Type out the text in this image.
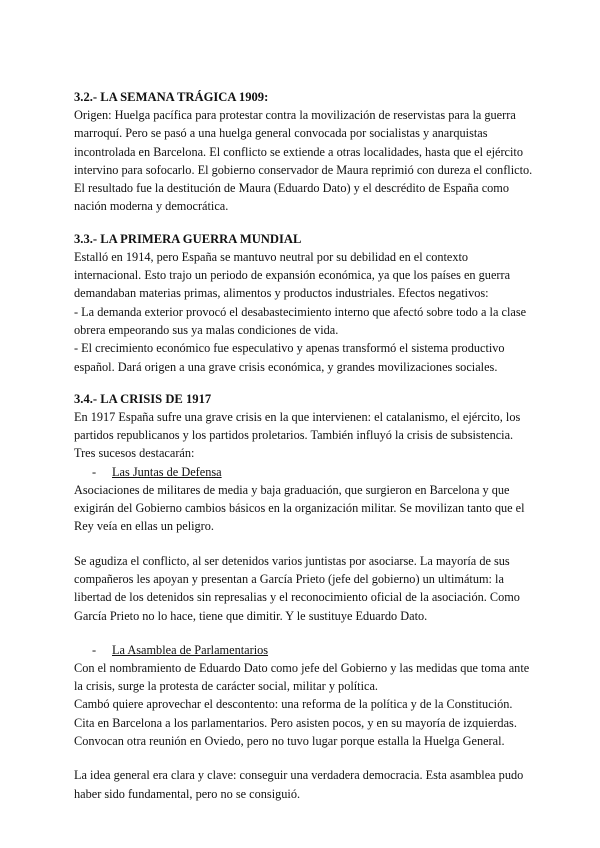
3.2.- LA SEMANA TRÁGICA 1909:

Origen: Huelga pacífica para protestar contra la movilización de reservistas para la guerra marroquí. Pero se pasó a una huelga general convocada por socialistas y anarquistas incontrolada en Barcelona. El conflicto se extiende a otras localidades, hasta que el ejército intervino para sofocarlo. El gobierno conservador de Maura reprimió con dureza el conflicto. El resultado fue la destitución de Maura (Eduardo Dato) y el descrédito de España como nación moderna y democrática.

3.3.- LA PRIMERA GUERRA MUNDIAL

Estalló en 1914, pero España se mantuvo neutral por su debilidad en el contexto internacional. Esto trajo un periodo de expansión económica, ya que los países en guerra demandaban materias primas, alimentos y productos industriales. Efectos negativos:

- La demanda exterior provocó el desabastecimiento interno que afectó sobre todo a la clase obrera empeorando sus ya malas condiciones de vida.

- El crecimiento económico fue especulativo y apenas transformó el sistema productivo español. Dará origen a una grave crisis económica, y grandes movilizaciones sociales.

3.4.- LA CRISIS DE 1917

En 1917 España sufre una grave crisis en la que intervienen: el catalanismo, el ejército, los partidos republicanos y los partidos proletarios. También influyó la crisis de subsistencia. Tres sucesos destacarán:

- Las Juntas de Defensa

Asociaciones de militares de media y baja graduación, que surgieron en Barcelona y que exigirán del Gobierno cambios básicos en la organización militar. Se movilizan tanto que el Rey veía en ellas un peligro.

Se agudiza el conflicto, al ser detenidos varios juntistas por asociarse. La mayoría de sus compañeros les apoyan y presentan a García Prieto (jefe del gobierno) un ultimátum: la libertad de los detenidos sin represalias y el reconocimiento oficial de la asociación. Como García Prieto no lo hace, tiene que dimitir. Y le sustituye Eduardo Dato.

- La Asamblea de Parlamentarios

Con el nombramiento de Eduardo Dato como jefe del Gobierno y las medidas que toma ante la crisis, surge la protesta de carácter social, militar y política.

Cambó quiere aprovechar el descontento: una reforma de la política y de la Constitución.

Cita en Barcelona a los parlamentarios. Pero asisten pocos, y en su mayoría de izquierdas.

Convocan otra reunión en Oviedo, pero no tuvo lugar porque estalla la Huelga General.

La idea general era clara y clave: conseguir una verdadera democracia. Esta asamblea pudo haber sido fundamental, pero no se consiguió.
